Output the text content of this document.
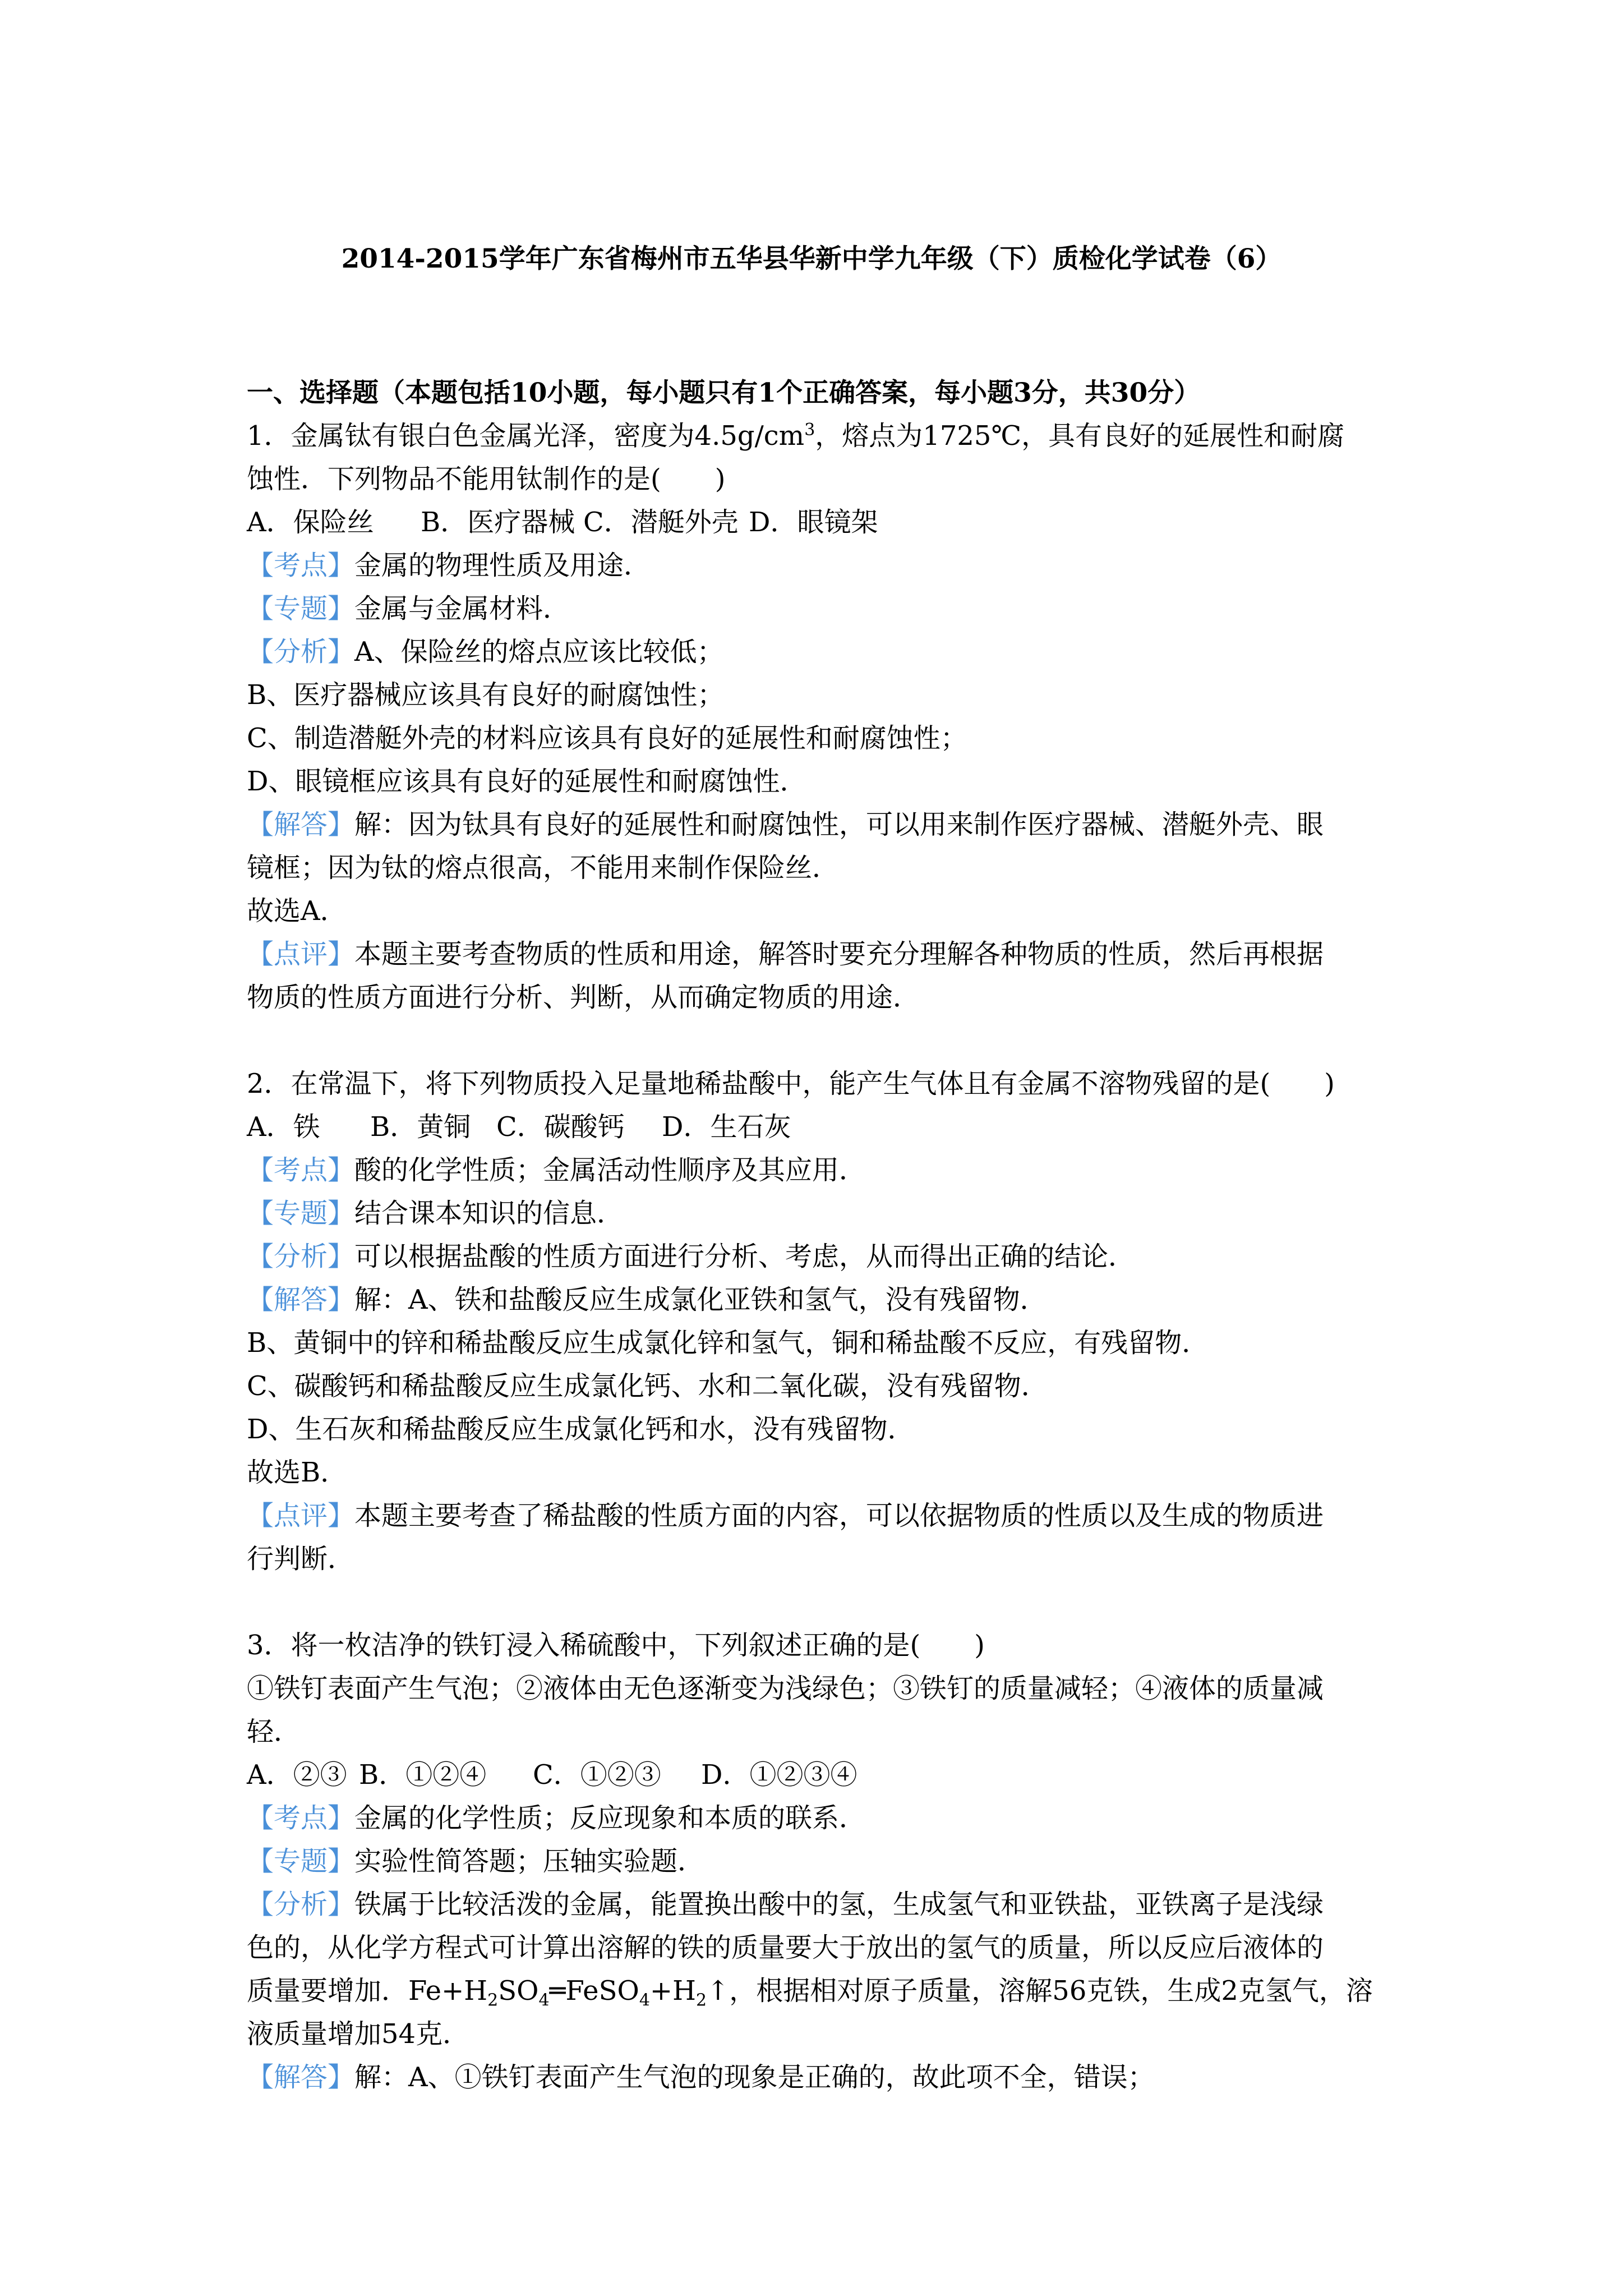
2014-2015学年广东省梅州市五华县华新中学九年级（下）质检化学试卷（6）
一、选择题（本题包括10小题，每小题只有1个正确答案，每小题3分，共30分）
1．金属钛有银白色金属光泽，密度为$4.5g/cm^3$，熔点为1725℃，具有良好的延展性和耐腐
蚀性．下列物品不能用钛制作的是(　　)
A．保险丝 B．医疗器械 C．潜艇外壳 D．眼镜架
【考点】金属的物理性质及用途．
【专题】金属与金属材料．
【分析】A、保险丝的熔点应该比较低；
B、医疗器械应该具有良好的耐腐蚀性；
C、制造潜艇外壳的材料应该具有良好的延展性和耐腐蚀性；
D、眼镜框应该具有良好的延展性和耐腐蚀性．
【解答】解：因为钛具有良好的延展性和耐腐蚀性，可以用来制作医疗器械、潜艇外壳、眼
镜框；因为钛的熔点很高，不能用来制作保险丝．
故选A．
【点评】本题主要考查物质的性质和用途，解答时要充分理解各种物质的性质，然后再根据
物质的性质方面进行分析、判断，从而确定物质的用途．
2．在常温下，将下列物质投入足量地稀盐酸中，能产生气体且有金属不溶物残留的是(　　)
A．铁 B．黄铜 C．碳酸钙 D．生石灰
【考点】酸的化学性质；金属活动性顺序及其应用．
【专题】结合课本知识的信息．
【分析】可以根据盐酸的性质方面进行分析、考虑，从而得出正确的结论．
【解答】解：A、铁和盐酸反应生成氯化亚铁和氢气，没有残留物．
B、黄铜中的锌和稀盐酸反应生成氯化锌和氢气，铜和稀盐酸不反应，有残留物．
C、碳酸钙和稀盐酸反应生成氯化钙、水和二氧化碳，没有残留物．
D、生石灰和稀盐酸反应生成氯化钙和水，没有残留物．
故选B．
【点评】本题主要考查了稀盐酸的性质方面的内容，可以依据物质的性质以及生成的物质进
行判断．
3．将一枚洁净的铁钉浸入稀硫酸中，下列叙述正确的是(　　)
①铁钉表面产生气泡；②液体由无色逐渐变为浅绿色；③铁钉的质量减轻；④液体的质量减
轻．
A．②③ B．①②④ C．①②③ D．①②③④
【考点】金属的化学性质；反应现象和本质的联系．
【专题】实验性简答题；压轴实验题．
【分析】铁属于比较活泼的金属，能置换出酸中的氢，生成氢气和亚铁盐，亚铁离子是浅绿
色的，从化学方程式可计算出溶解的铁的质量要大于放出的氢气的质量，所以反应后液体的
质量要增加．$Fe+H_2SO_4═FeSO_4+H_2↑$，根据相对原子质量，溶解56克铁，生成2克氢气，溶
液质量增加54克．
【解答】解：A、①铁钉表面产生气泡的现象是正确的，故此项不全，错误；
